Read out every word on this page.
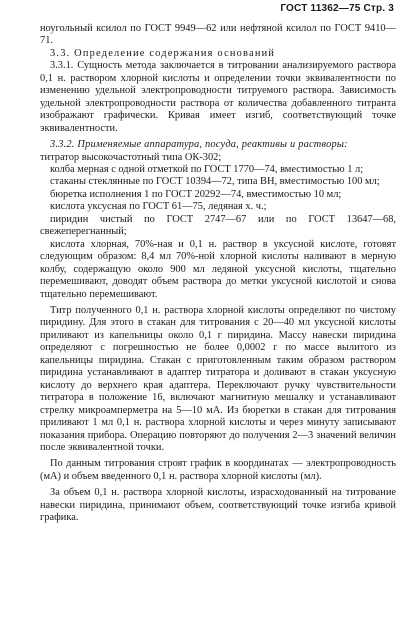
ГОСТ 11362—75 Стр. 3

ноугольный ксилол по ГОСТ 9949—62 или нефтяной ксилол по ГОСТ 9410—71.

3.3. Определение содержания оснований

3.3.1. Сущность метода заключается в титровании анализируемого раствора 0,1 н. раствором хлорной кислоты и определении точки эквивалентности по изменению удельной электропроводности титруемого раствора. Зависимость удельной электропроводности раствора от количества добавленного титранта изображают графически. Кривая имеет изгиб, соответствующий точке эквивалентности.

3.3.2. Применяемые аппаратура, посуда, реактивы и растворы:

титратор высокочастотный типа ОК-302;

колба мерная с одной отметкой по ГОСТ 1770—74, вместимостью 1 л;

стаканы стеклянные по ГОСТ 10394—72, типа ВН, вместимостью 100 мл;

бюретка исполнения 1 по ГОСТ 20292—74, вместимостью 10 мл;

кислота уксусная по ГОСТ 61—75, ледяная х. ч.;

пиридин чистый по ГОСТ 2747—67 или по ГОСТ 13647—68, свежеперегнанный;

кислота хлорная, 70%-ная и 0,1 н. раствор в уксусной кислоте, готовят следующим образом: 8,4 мл 70%-ной хлорной кислоты наливают в мерную колбу, содержащую около 900 мл ледяной уксусной кислоты, тщательно перемешивают, доводят объем раствора до метки уксусной кислотой и снова тщательно перемешивают.

Титр полученного 0,1 н. раствора хлорной кислоты определяют по чистому пиридину. Для этого в стакан для титрования с 20—40 мл уксусной кислоты приливают из капельницы около 0,1 г пиридина. Массу навески пиридина определяют с погрешностью не более 0,0002 г по массе вылитого из капельницы пиридина. Стакан с приготовленным таким образом раствором пиридина устанавливают в адаптер титратора и доливают в стакан уксусную кислоту до верхнего края адаптера. Переключают ручку чувствительности титратора в положение 16, включают магнитную мешалку и устанавливают стрелку микроамперметра на 5—10 мА. Из бюретки в стакан для титрования приливают 1 мл 0,1 н. раствора хлорной кислоты и через минуту записывают показания прибора. Операцию повторяют до получения 2—3 значений величин после эквивалентной точки.

По данным титрования строят график в координатах — электропроводность (мА) и объем введенного 0,1 н. раствора хлорной кислоты (мл).

За объем 0,1 н. раствора хлорной кислоты, израсходованный на титрование навески пиридина, принимают объем, соответствующий точке изгиба кривой графика.
